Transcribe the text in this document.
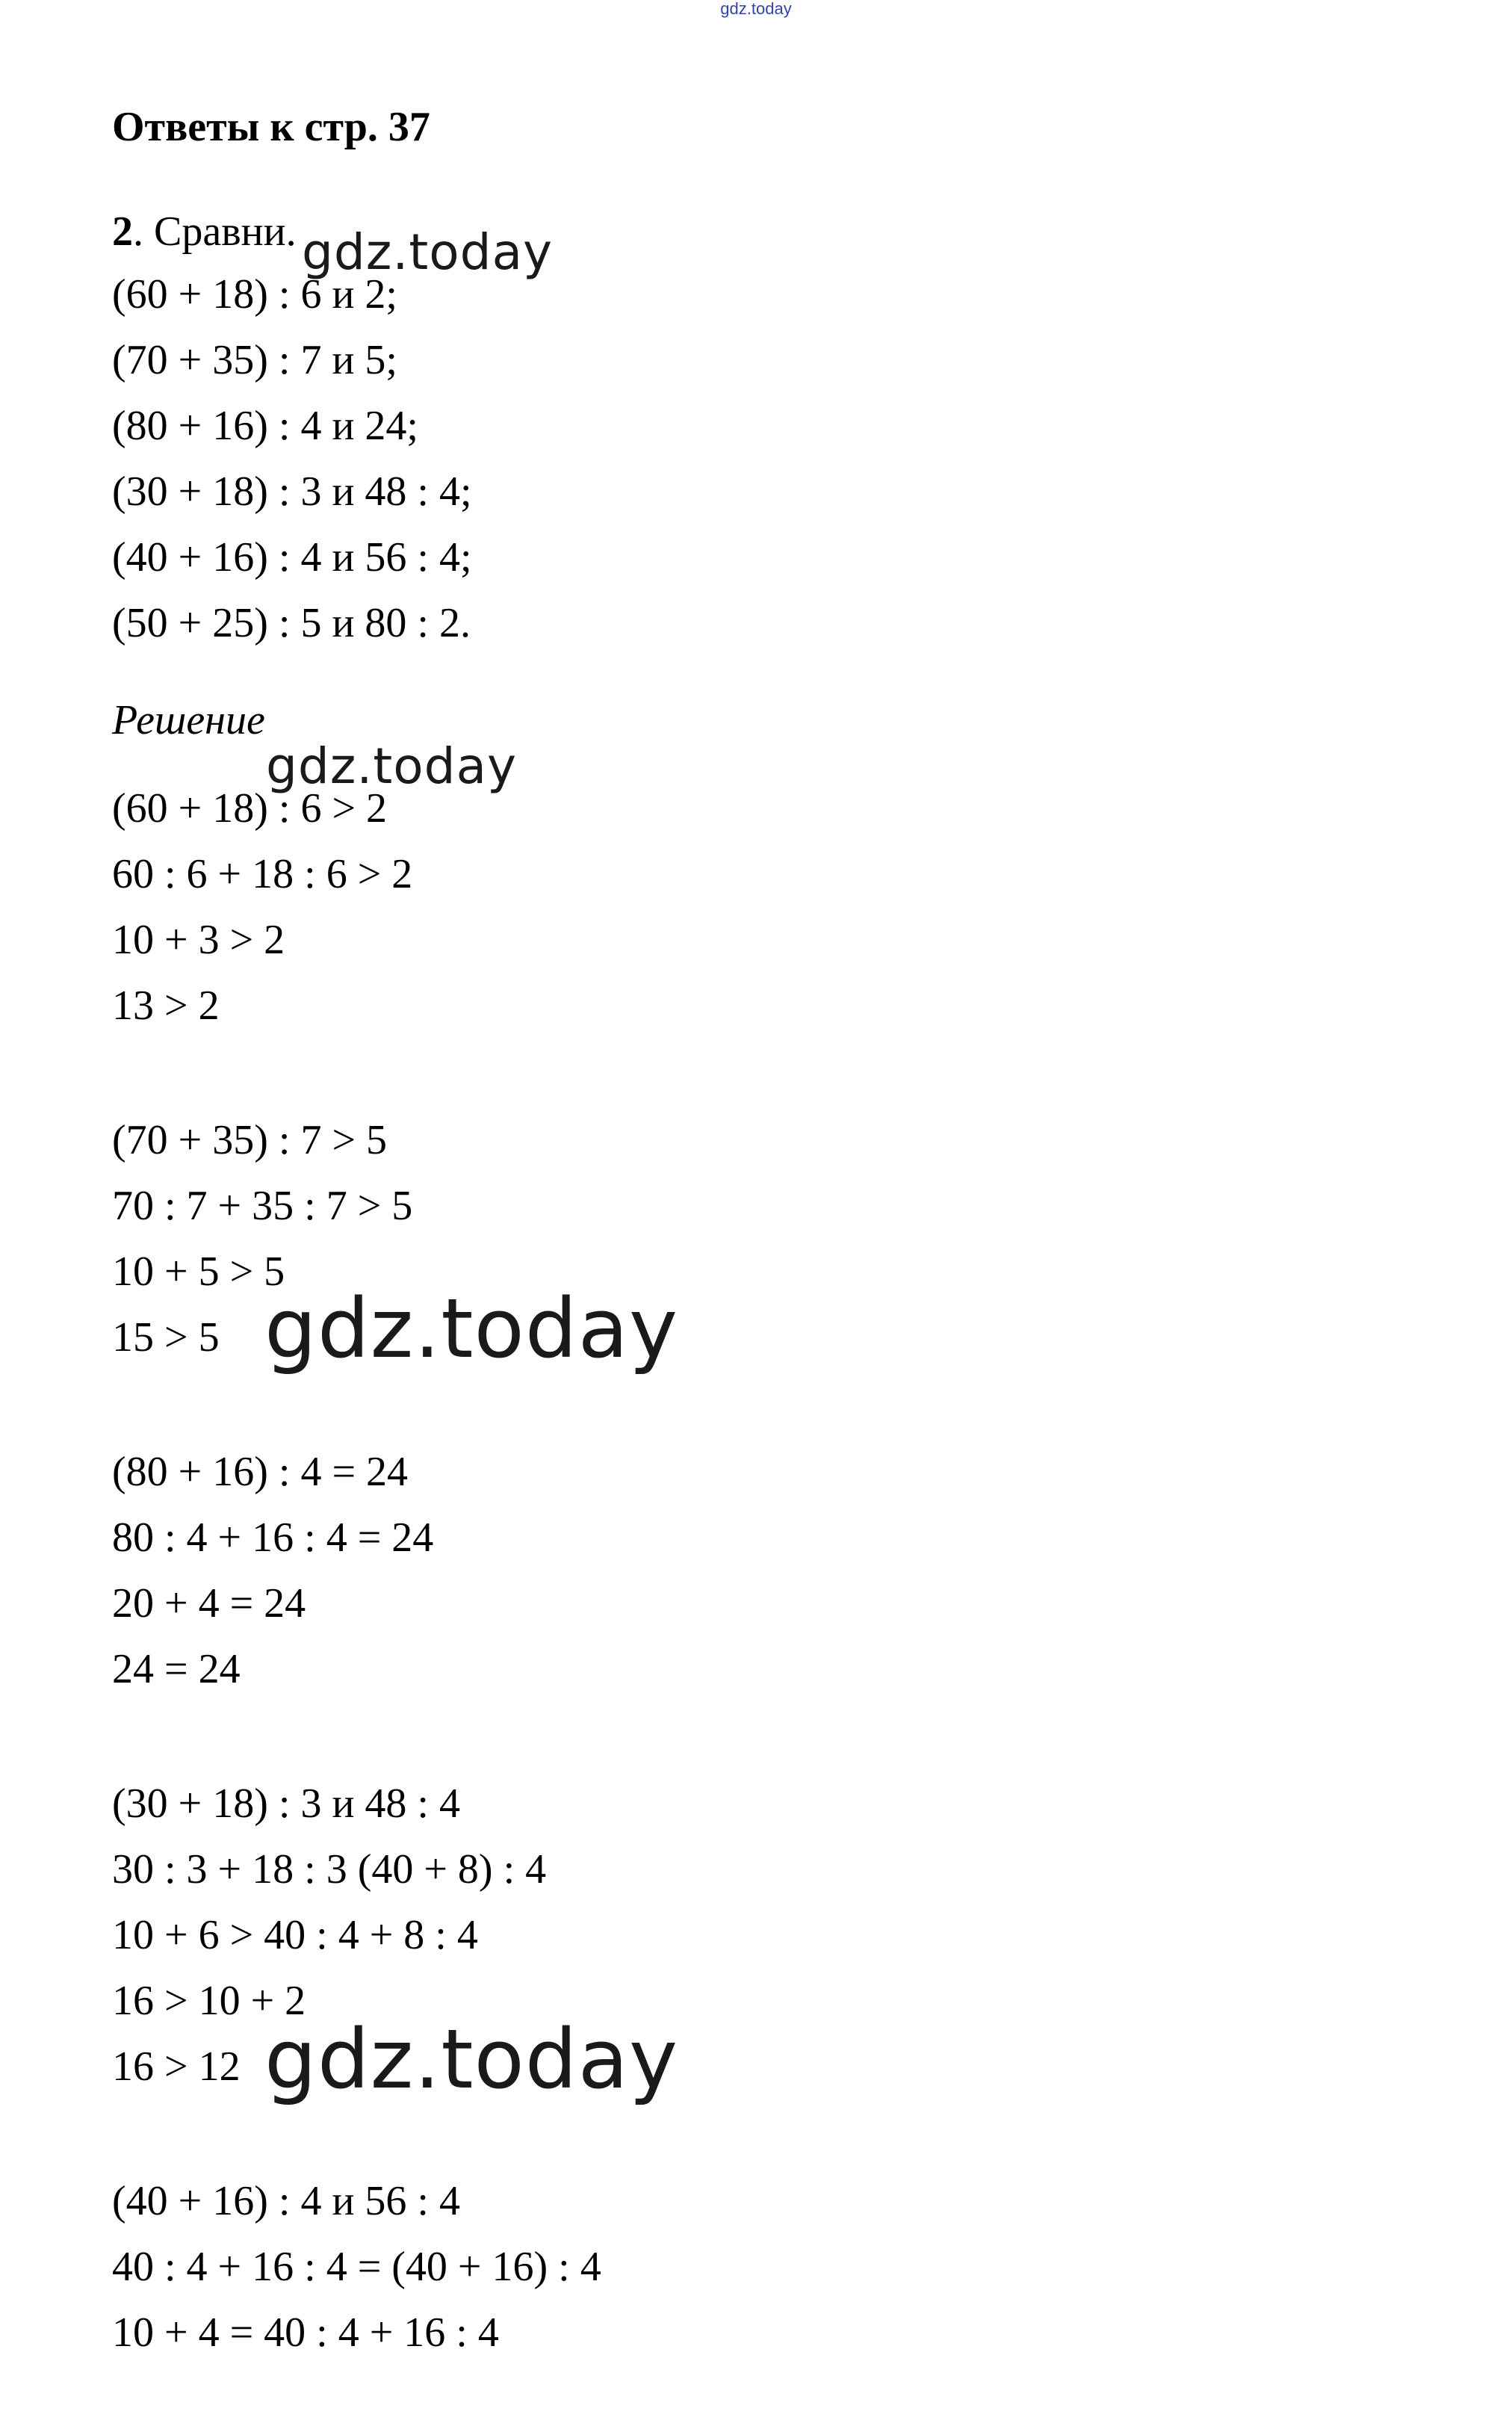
gdz.today
Ответы к стр. 37
2. Сравни.
(60 + 18) : 6 и 2;
(70 + 35) : 7 и 5;
(80 + 16) : 4 и 24;
(30 + 18) : 3 и 48 : 4;
(40 + 16) : 4 и 56 : 4;
(50 + 25) : 5 и 80 : 2.
Решение
(60 + 18) : 6 > 2
60 : 6 + 18 : 6 > 2
10 + 3 > 2
13 > 2
(70 + 35) : 7 > 5
70 : 7 + 35 : 7 > 5
10 + 5 > 5
15 > 5
(80 + 16) : 4 = 24
80 : 4 + 16 : 4 = 24
20 + 4 = 24
24 = 24
(30 + 18) : 3 и 48 : 4
30 : 3 + 18 : 3 (40 + 8) : 4
10 + 6 > 40 : 4 + 8 : 4
16 > 10 + 2
16 > 12
(40 + 16) : 4 и 56 : 4
40 : 4 + 16 : 4 = (40 + 16) : 4
10 + 4 = 40 : 4 + 16 : 4
gdz.today
gdz.today
gdz.today
gdz.today
